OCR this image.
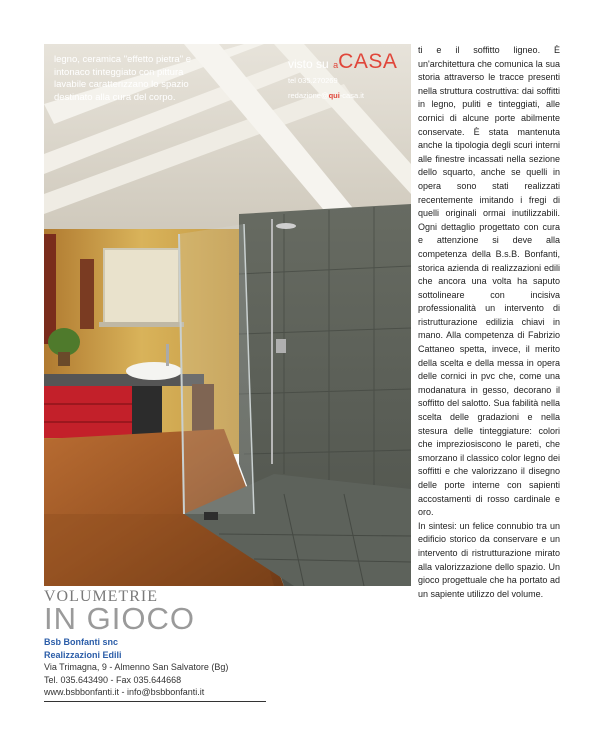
legno, ceramica "effetto pietra" e intonaco tinteggiato con pittura lavabile caratterizzano lo spazio destinato alla cura del corpo.
visto su aCASA
tel 035.270269
redazione@qui-casa.it

ti e il soffitto ligneo. È un'architettura che comunica la sua storia attraverso le tracce presenti nella struttura costruttiva: dai soffitti in legno, puliti e tinteggiati, alle cornici di alcune porte abilmente conservate. È stata mantenuta anche la tipologia degli scuri interni alle finestre incassati nella sezione dello squarto, anche se quelli in opera sono stati realizzati recentemente imitando i fregi di quelli originali ormai inutilizzabili. Ogni dettaglio progettato con cura e attenzione si deve alla competenza della B.s.B. Bonfanti, storica azienda di realizzazioni edili che ancora una volta ha saputo sottolineare con incisiva professionalità un intervento di ristrutturazione edilizia chiavi in mano. Alla competenza di Fabrizio Cattaneo spetta, invece, il merito della scelta e della messa in opera delle cornici in pvc che, come una modanatura in gesso, decorano il soffitto del salotto. Sua fabilità nella scelta delle gradazioni e nella stesura delle tinteggiature: colori che impreziosiscono le pareti, che smorzano il classico color legno dei soffitti e che valorizzano il disegno delle porte interne con sapienti accostamenti di rosso cardinale e oro.

In sintesi: un felice connubio tra un edificio storico da conservare e un intervento di ristrutturazione mirato alla valorizzazione dello spazio. Un gioco progettuale che ha portato ad un sapiente utilizzo del volume.

VOLUMETRIE
IN GIOCO
Bsb Bonfanti snc
Realizzazioni Edili
Via Trimagna, 9 - Almenno San Salvatore (Bg)
Tel. 035.643490 - Fax 035.644668
www.bsbbonfanti.it - info@bsbbonfanti.it
